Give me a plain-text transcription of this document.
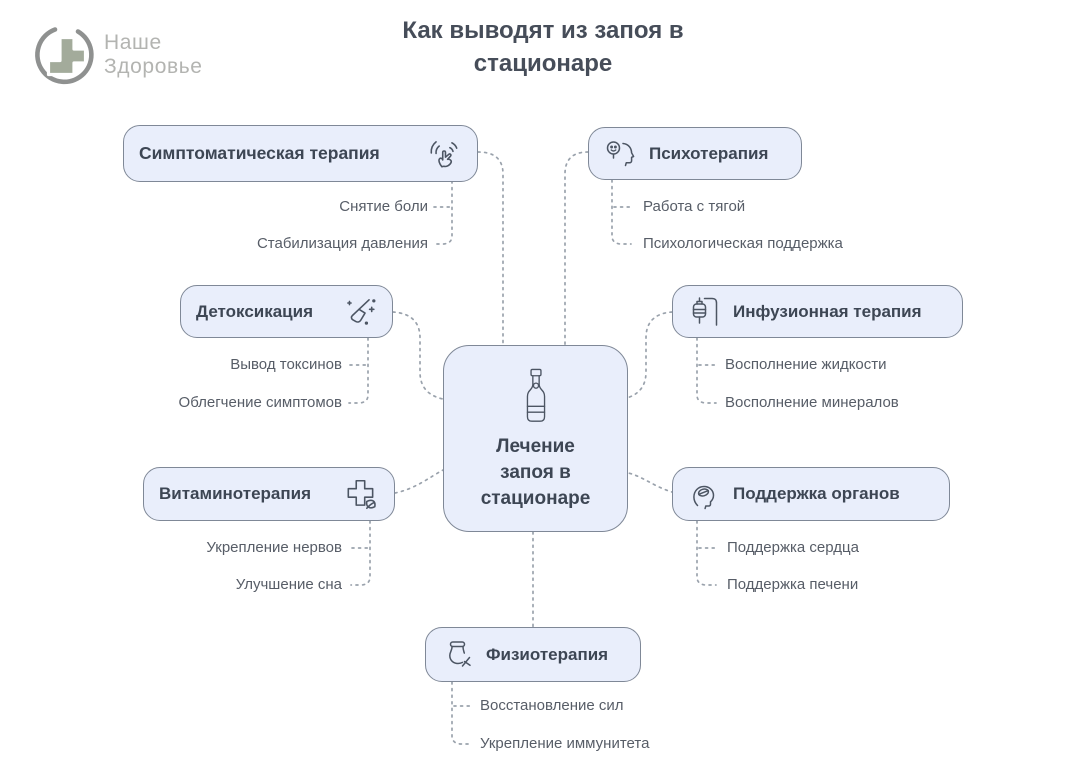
Наше
Здоровье
Как выводят из запоя в
стационаре
Лечение
запоя в
стационаре
Симптоматическая терапия	Психотерапия
Детоксикация	Инфузионная терапия
Витаминотерапия	Поддержка органов
Физиотерапия
Снятие боли
Стабилизация давления
Работа с тягой
Психологическая поддержка
Вывод токсинов
Облегчение симптомов
Восполнение жидкости
Восполнение минералов
Укрепление нервов
Улучшение сна
Поддержка сердца
Поддержка печени
Восстановление сил
Укрепление иммунитета
